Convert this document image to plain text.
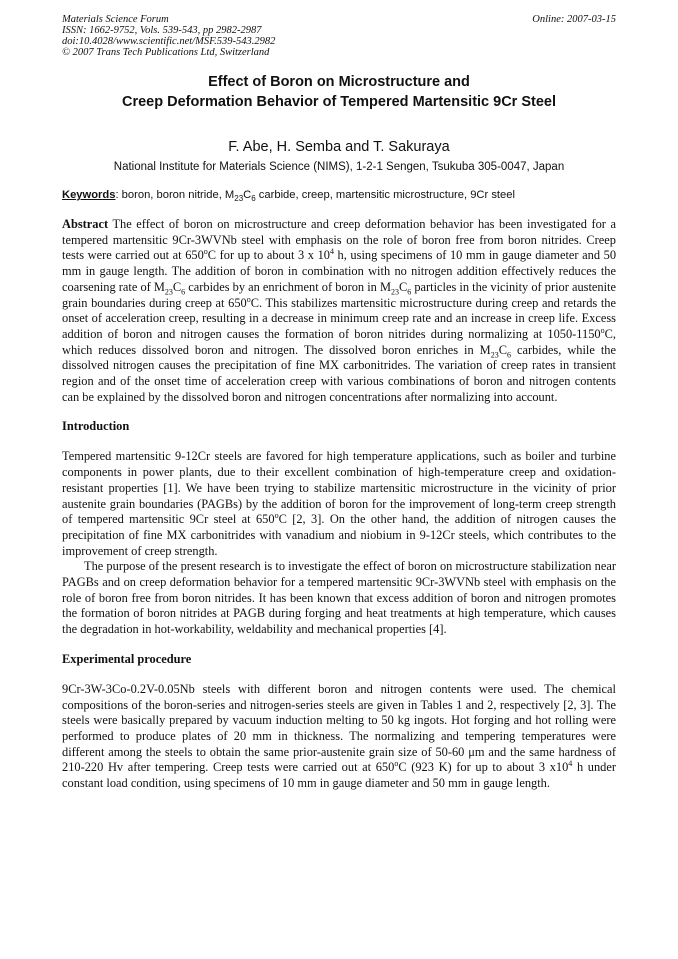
Materials Science Forum
ISSN: 1662-9752, Vols. 539-543, pp 2982-2987
doi:10.4028/www.scientific.net/MSF.539-543.2982
© 2007 Trans Tech Publications Ltd, Switzerland
Online: 2007-03-15
Effect of Boron on Microstructure and
Creep Deformation Behavior of Tempered Martensitic 9Cr Steel
F. Abe, H. Semba and T. Sakuraya
National Institute for Materials Science (NIMS), 1-2-1 Sengen, Tsukuba 305-0047, Japan
Keywords: boron, boron nitride, $M_{23}C_6$ carbide, creep, martensitic microstructure, 9Cr steel

Abstract The effect of boron on microstructure and creep deformation behavior has been investigated for a tempered martensitic 9Cr-3WVNb steel with emphasis on the role of boron free from boron nitrides. Creep tests were carried out at 650$^o$C for up to about 3 x $10^4$ h, using specimens of 10 mm in gauge diameter and 50 mm in gauge length. The addition of boron in combination with no nitrogen addition effectively reduces the coarsening rate of $M_{23}C_6$ carbides by an enrichment of boron in $M_{23}C_6$ particles in the vicinity of prior austenite grain boundaries during creep at 650$^o$C. This stabilizes martensitic microstructure during creep and retards the onset of acceleration creep, resulting in a decrease in minimum creep rate and an increase in creep life. Excess addition of boron and nitrogen causes the formation of boron nitrides during normalizing at 1050-1150$^o$C, which reduces dissolved boron and nitrogen. The dissolved boron enriches in $M_{23}C_6$ carbides, while the dissolved nitrogen causes the precipitation of fine MX carbonitrides. The variation of creep rates in transient region and of the onset time of acceleration creep with various combinations of boron and nitrogen contents can be explained by the dissolved boron and nitrogen concentrations after normalizing into account.

Introduction

Tempered martensitic 9-12Cr steels are favored for high temperature applications, such as boiler and turbine components in power plants, due to their excellent combination of high-temperature creep and oxidation-resistant properties [1]. We have been trying to stabilize martensitic microstructure in the vicinity of prior austenite grain boundaries (PAGBs) by the addition of boron for the improvement of long-term creep strength of tempered martensitic 9Cr steel at 650$^o$C [2, 3]. On the other hand, the addition of nitrogen causes the precipitation of fine MX carbonitrides with vanadium and niobium in 9-12Cr steels, which contributes to the improvement of creep strength.

The purpose of the present research is to investigate the effect of boron on microstructure stabilization near PAGBs and on creep deformation behavior for a tempered martensitic 9Cr-3WVNb steel with emphasis on the role of boron free from boron nitrides. It has been known that excess addition of boron and nitrogen promotes the formation of boron nitrides at PAGB during forging and heat treatments at high temperature, which causes the degradation in hot-workability, weldability and mechanical properties [4].

Experimental procedure

9Cr-3W-3Co-0.2V-0.05Nb steels with different boron and nitrogen contents were used. The chemical compositions of the boron-series and nitrogen-series steels are given in Tables 1 and 2, respectively [2, 3]. The steels were basically prepared by vacuum induction melting to 50 kg ingots. Hot forging and hot rolling were performed to produce plates of 20 mm in thickness. The normalizing and tempering temperatures were different among the steels to obtain the same prior-austenite grain size of 50-60 μm and the same hardness of 210-220 Hv after tempering. Creep tests were carried out at 650$^o$C (923 K) for up to about 3 $x10^4$ h under constant load condition, using specimens of 10 mm in gauge diameter and 50 mm in gauge length.
